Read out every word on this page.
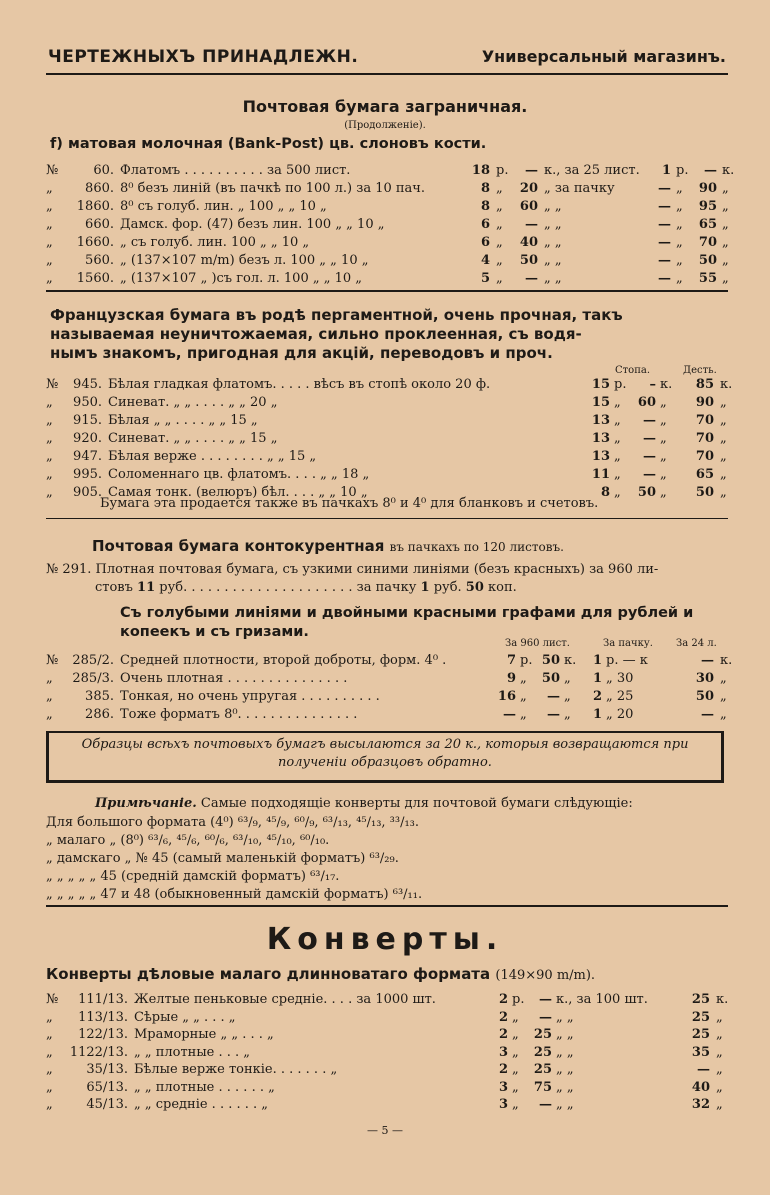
ЧЕРТЕЖНЫХЪ ПРИНАДЛЕЖН.	Универсальный магазинъ.
Почтовая бумага заграничная.
(Продолженіе).
f) матовая молочная (Bank-Post) цв. слоновъ кости.
№	60. Флатомъ . . . . . . . . . . за 500 лист.	18 р.	— к., за 25 лист.	1 р.	— к.
„	860. 8⁰ безъ линій (въ пачкѣ по 100 л.) за 10 пач.	8 „	20 „ за пачку	— „	90 „
„	1860. 8⁰ съ голуб. лин. „ 100 „ „ 10 „	8 „	60 „ „	— „	95 „
„	660. Дамск. фор. (47) безъ лин. 100 „ „ 10 „	6 „	— „ „	— „	65 „
„	1660. „ съ голуб. лин. 100 „ „ 10 „	6 „	40 „ „	— „	70 „
„	560. „ (137×107 m/m) безъ л. 100 „ „ 10 „	4 „	50 „ „	— „	50 „
„	1560. „ (137×107 „ )съ гол. л. 100 „ „ 10 „	5 „	— „ „	— „	55 „
Французская бумага въ родѣ пергаментной, очень прочная, такъ
называемая неуничтожаемая, сильно проклеенная, съ водя-
нымъ знакомъ, пригодная для акцій, переводовъ и проч.
Стопа.	Десть.
№	945. Бѣлая гладкая флатомъ. . . . . вѣсъ въ стопѣ около 20 ф.	15 р.	– к.	85 к.
„	950. Синеват. „ „ . . . . „ „ 20 „	15 „	60 „	90 „
„	915. Бѣлая „ „ . . . . „ „ 15 „	13 „	— „	70 „
„	920. Синеват. „ „ . . . . „ „ 15 „	13 „	— „	70 „
„	947. Бѣлая верже . . . . . . . . „ „ 15 „	13 „	— „	70 „
„	995. Соломеннаго цв. флатомъ. . . . „ „ 18 „	11 „	— „	65 „
„	905. Самая тонк. (велюръ) бѣл. . . . „ „ 10 „	8 „	50 „	50 „
Бумага эта продается также въ пачкахъ 8⁰ и 4⁰ для бланковъ и счетовъ.
Почтовая бумага контокурентная въ пачкахъ по 120 листовъ.
№ 291. Плотная почтовая бумага, съ узкими синими линіями (безъ красныхъ) за 960 ли-
стовъ 11 руб. . . . . . . . . . . . . . . . . . . . . за пачку 1 руб. 50 коп.
Съ голубыми линіями и двойными красными графами для рублей и
копеекъ и съ гризами.
За 960 лист.	За пачку. За 24 л.
№	285/2. Средней плотности, второй доброты, форм. 4⁰ .	7 р. 50 к.	1 р. — к	— к.
„	285/3. Очень плотная . . . . . . . . . . . . . . .	9 „	50 „	1 „ 30	30 „
„	385. Тонкая, но очень упругая . . . . . . . . . .	16 „	— „	2 „ 25	50 „
„	286. Тоже форматъ 8⁰. . . . . . . . . . . . . . .	— „	— „	1 „ 20	— „
Образцы всѣхъ почтовыхъ бумагъ высылаются за 20 к., которыя возвращаются при
полученіи образцовъ обратно.
Примѣчаніе. Самые подходящіе конверты для почтовой бумаги слѣдующіе:
Для большого формата (4⁰) ⁶³/₉, ⁴⁵/₉, ⁶⁰/₉, ⁶³/₁₃, ⁴⁵/₁₃, ³³/₁₃.
„ малаго „ (8⁰) ⁶³/₆, ⁴⁵/₆, ⁶⁰/₆, ⁶³/₁₀, ⁴⁵/₁₀, ⁶⁰/₁₀.
„ дамскаго „ № 45 (самый маленькій форматъ) ⁶³/₂₉.
„ „ „ „ „ 45 (средній дамскій форматъ) ⁶³/₁₇.
„ „ „ „ „ 47 и 48 (обыкновенный дамскій форматъ) ⁶³/₁₁.
Конверты.
Конверты дѣловые малаго длинноватаго формата (149×90 m/m).
№	111/13. Желтые пеньковые средніе. . . . за 1000 шт.	2 р.	— к., за 100 шт.	25 к.
„	113/13. Сѣрые „ „ . . . „	2 „	— „ „	25 „
„	122/13. Мраморные „ „ . . . „	2 „	25 „ „	25 „
„	1122/13. „ „ плотные . . . „	3 „	25 „ „	35 „
„	35/13. Бѣлые верже тонкіе. . . . . . . „	2 „	25 „ „	— „
„	65/13. „ „ плотные . . . . . . „	3 „	75 „ „	40 „
„	45/13. „ „ средніе . . . . . . „	3 „	— „ „	32 „
— 5 —
